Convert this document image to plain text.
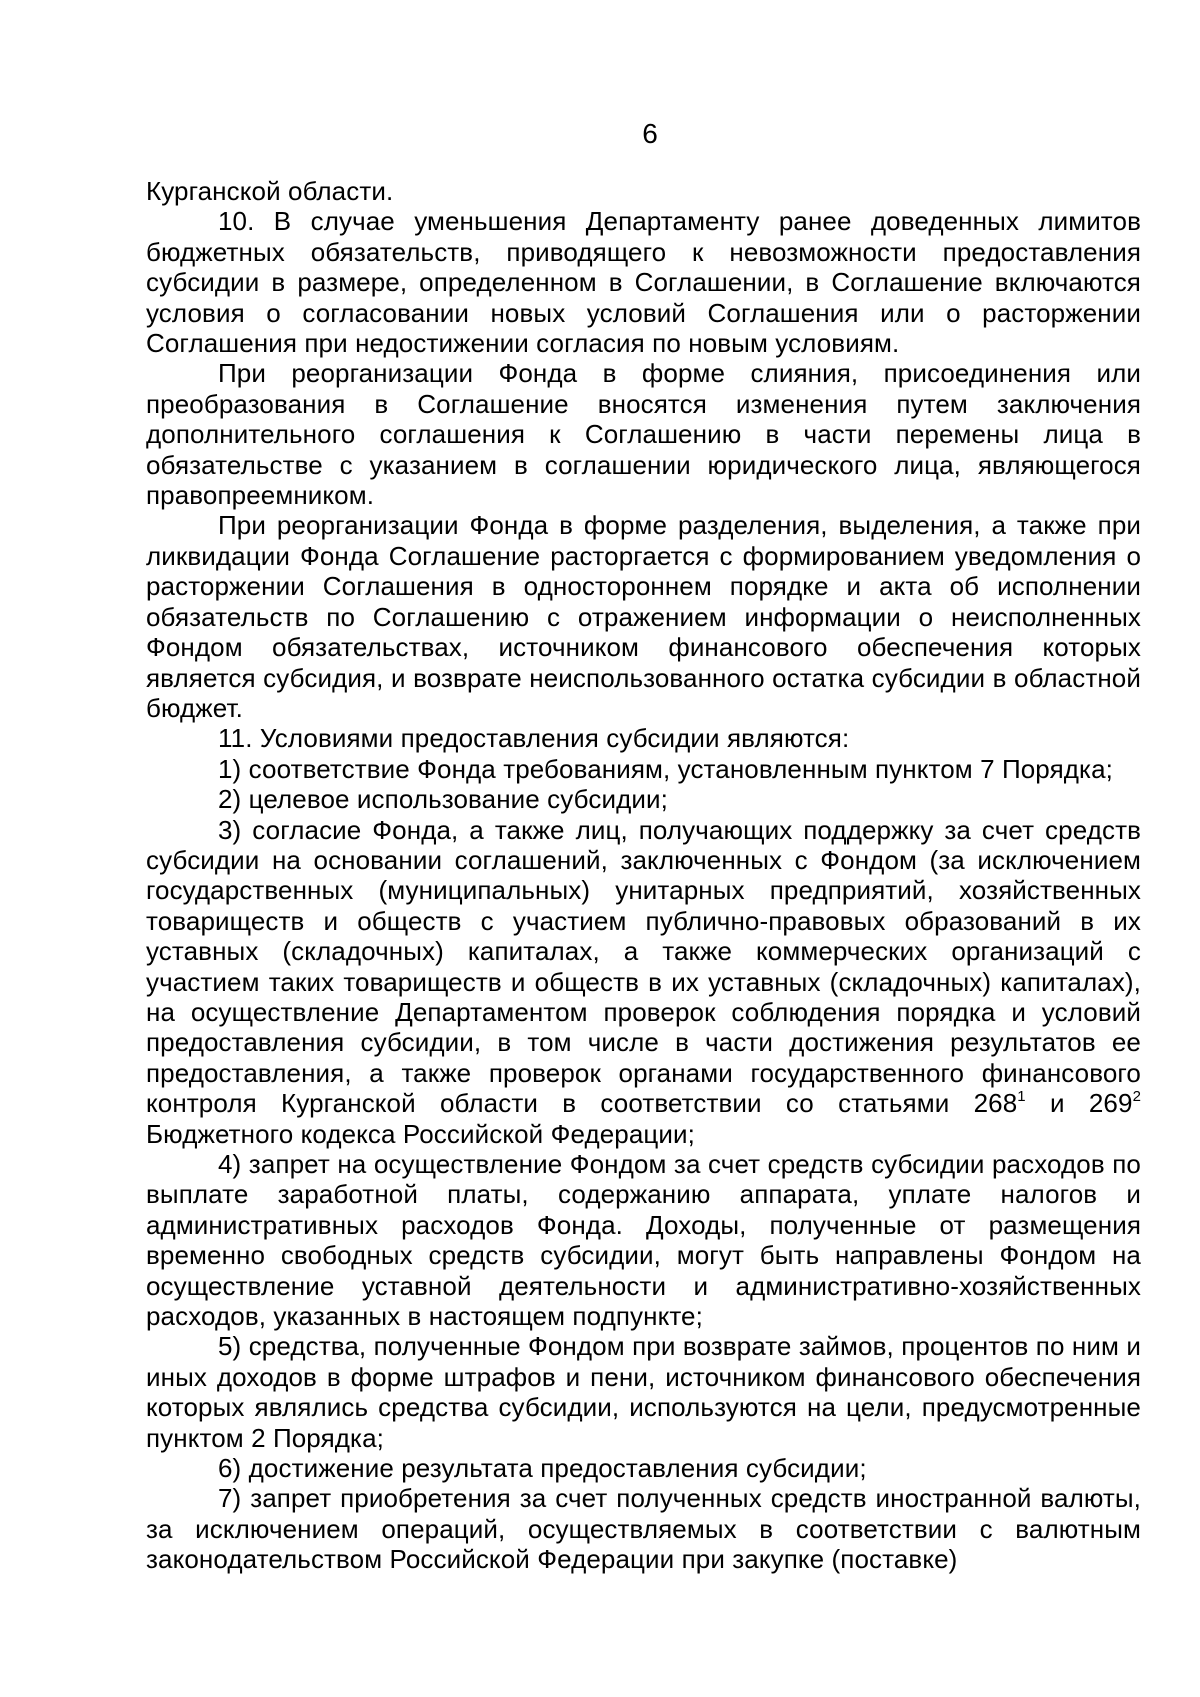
6

Курганской области.

10. В случае уменьшения Департаменту ранее доведенных лимитов бюджетных обязательств, приводящего к невозможности предоставления субсидии в размере, определенном в Соглашении, в Соглашение включаются условия о согласовании новых условий Соглашения или о расторжении Соглашения при недостижении согласия по новым условиям.

При реорганизации Фонда в форме слияния, присоединения или преобразования в Соглашение вносятся изменения путем заключения дополнительного соглашения к Соглашению в части перемены лица в обязательстве с указанием в соглашении юридического лица, являющегося правопреемником.

При реорганизации Фонда в форме разделения, выделения, а также при ликвидации Фонда Соглашение расторгается с формированием уведомления о расторжении Соглашения в одностороннем порядке и акта об исполнении обязательств по Соглашению с отражением информации о неисполненных Фондом обязательствах, источником финансового обеспечения которых является субсидия, и возврате неиспользованного остатка субсидии в областной бюджет.

11. Условиями предоставления субсидии являются:

1) соответствие Фонда требованиям, установленным пунктом 7 Порядка;

2) целевое использование субсидии;

3) согласие Фонда, а также лиц, получающих поддержку за счет средств субсидии на основании соглашений, заключенных с Фондом (за исключением государственных (муниципальных) унитарных предприятий, хозяйственных товариществ и обществ с участием публично-правовых образований в их уставных (складочных) капиталах, а также коммерческих организаций с участием таких товариществ и обществ в их уставных (складочных) капиталах), на осуществление Департаментом проверок соблюдения порядка и условий предоставления субсидии, в том числе в части достижения результатов ее предоставления, а также проверок органами государственного финансового контроля Курганской области в соответствии со статьями $268^1$ и $269^2$ Бюджетного кодекса Российской Федерации;

4) запрет на осуществление Фондом за счет средств субсидии расходов по выплате заработной платы, содержанию аппарата, уплате налогов и административных расходов Фонда. Доходы, полученные от размещения временно свободных средств субсидии, могут быть направлены Фондом на осуществление уставной деятельности и административно-хозяйственных расходов, указанных в настоящем подпункте;

5) средства, полученные Фондом при возврате займов, процентов по ним и иных доходов в форме штрафов и пени, источником финансового обеспечения которых являлись средства субсидии, используются на цели, предусмотренные пунктом 2 Порядка;

6) достижение результата предоставления субсидии;

7) запрет приобретения за счет полученных средств иностранной валюты, за исключением операций, осуществляемых в соответствии с валютным законодательством Российской Федерации при закупке (поставке)
